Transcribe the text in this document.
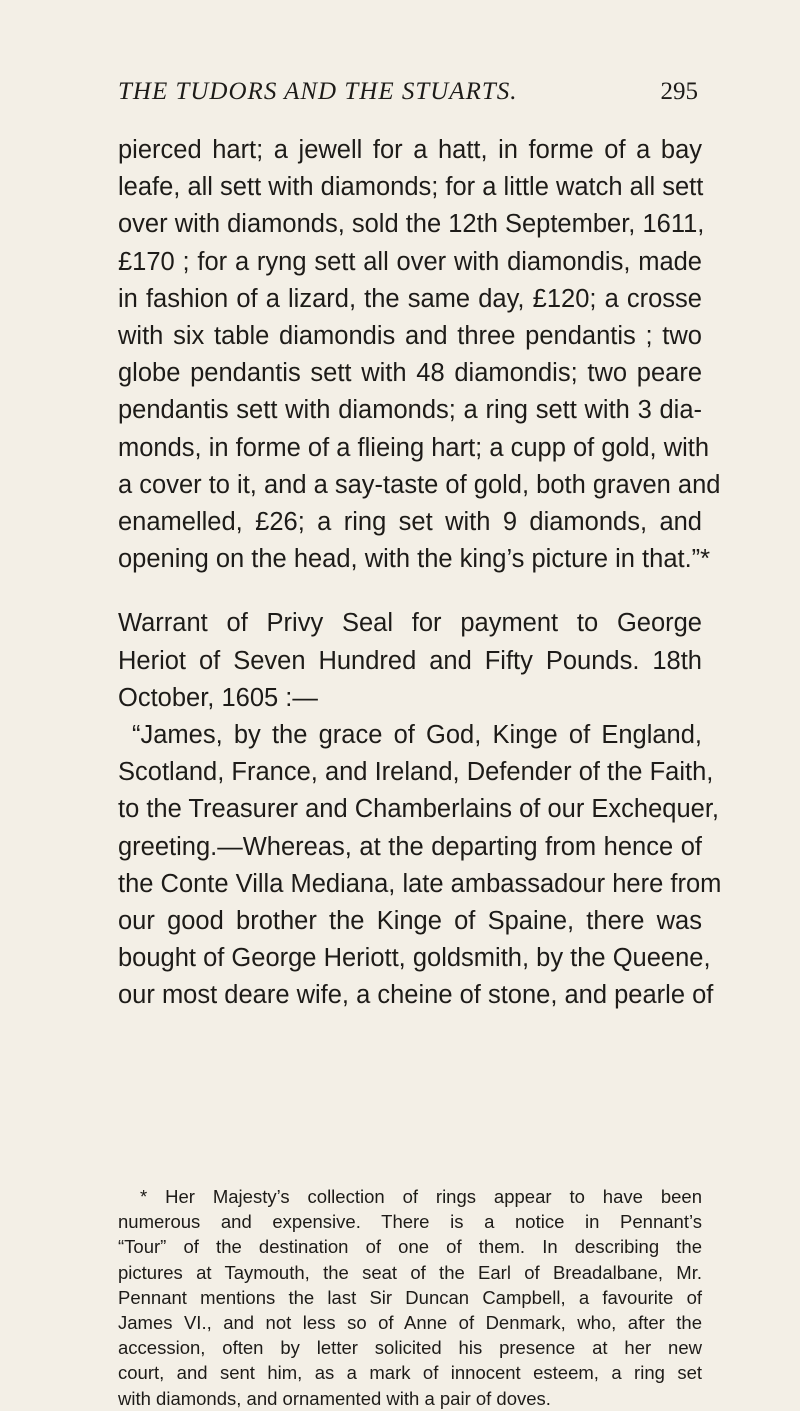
THE TUDORS AND THE STUARTS.	295
pierced hart; a jewell for a hatt, in forme of a bay
leafe, all sett with diamonds; for a little watch all sett
over with diamonds, sold the 12th September, 1611,
£170 ; for a ryng sett all over with diamondis, made
in fashion of a lizard, the same day, £120; a crosse
with six table diamondis and three pendantis ; two
globe pendantis sett with 48 diamondis; two peare
pendantis sett with diamonds; a ring sett with 3 dia-
monds, in forme of a flieing hart; a cupp of gold, with
a cover to it, and a say-taste of gold, both graven and
enamelled, £26; a ring set with 9 diamonds, and
opening on the head, with the king’s picture in that.”*
Warrant of Privy Seal for payment to George
Heriot of Seven Hundred and Fifty Pounds. 18th
October, 1605 :—
“James, by the grace of God, Kinge of England,
Scotland, France, and Ireland, Defender of the Faith,
to the Treasurer and Chamberlains of our Exchequer,
greeting.—Whereas, at the departing from hence of
the Conte Villa Mediana, late ambassadour here from
our good brother the Kinge of Spaine, there was
bought of George Heriott, goldsmith, by the Queene,
our most deare wife, a cheine of stone, and pearle of
* Her Majesty’s collection of rings appear to have been
numerous and expensive. There is a notice in Pennant’s
“Tour” of the destination of one of them. In describing the
pictures at Taymouth, the seat of the Earl of Breadalbane, Mr.
Pennant mentions the last Sir Duncan Campbell, a favourite of
James VI., and not less so of Anne of Denmark, who, after the
accession, often by letter solicited his presence at her new
court, and sent him, as a mark of innocent esteem, a ring set
with diamonds, and ornamented with a pair of doves.
